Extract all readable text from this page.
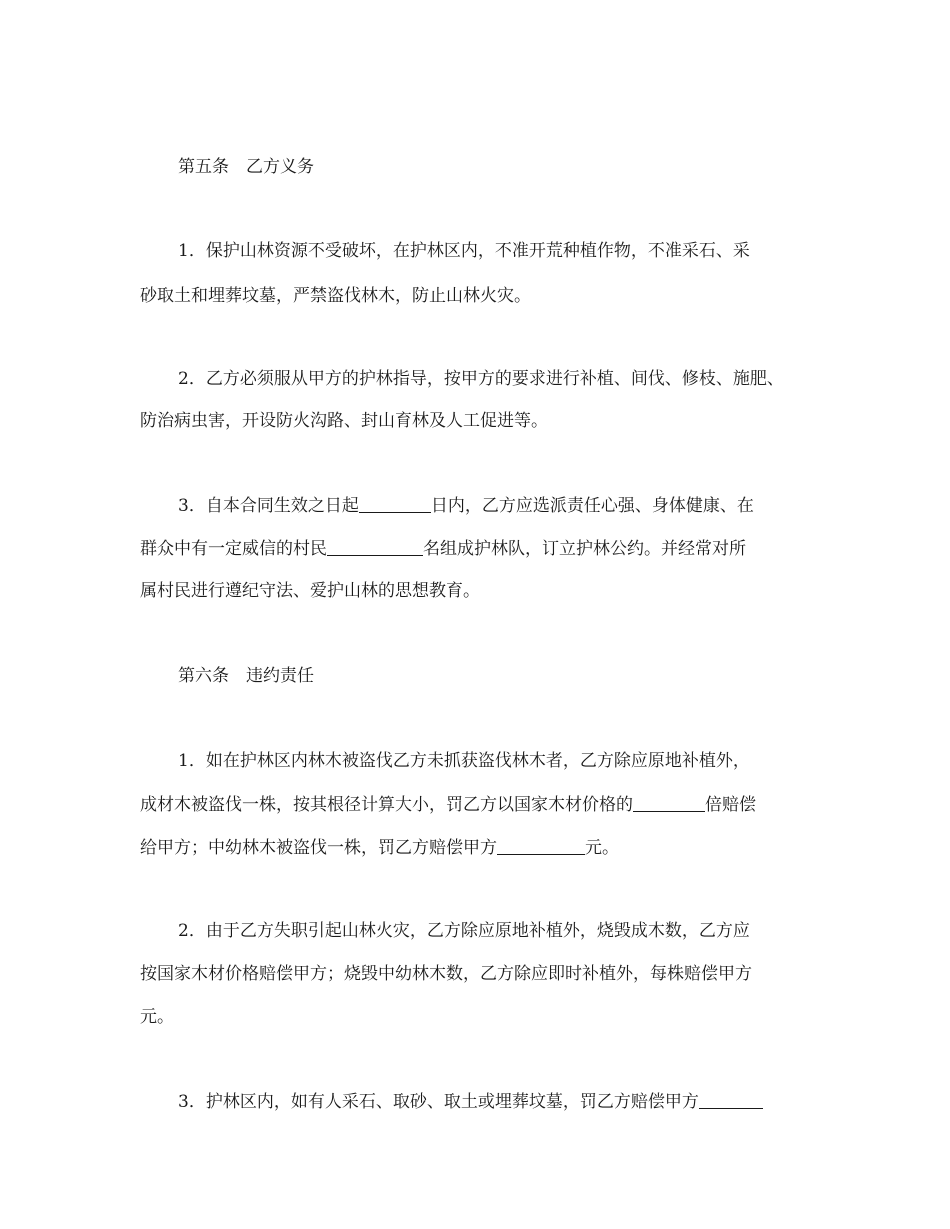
第五条　乙方义务
1．保护山林资源不受破坏，在护林区内，不准开荒种植作物，不准采石、采
砂取土和埋葬坟墓，严禁盗伐林木，防止山林火灾。
2．乙方必须服从甲方的护林指导，按甲方的要求进行补植、间伐、修枝、施肥、
防治病虫害，开设防火沟路、封山育林及人工促进等。
3．自本合同生效之日起	日内，乙方应选派责任心强、身体健康、在
群众中有一定威信的村民	名组成护林队，订立护林公约。并经常对所
属村民进行遵纪守法、爱护山林的思想教育。
第六条　违约责任
1．如在护林区内林木被盗伐乙方未抓获盗伐林木者，乙方除应原地补植外，
成材木被盗伐一株，按其根径计算大小，罚乙方以国家木材价格的	倍赔偿
给甲方；中幼林木被盗伐一株，罚乙方赔偿甲方	元。
2．由于乙方失职引起山林火灾，乙方除应原地补植外，烧毁成木数，乙方应
按国家木材价格赔偿甲方；烧毁中幼林木数，乙方除应即时补植外，每株赔偿甲方
元。
3．护林区内，如有人采石、取砂、取土或埋葬坟墓，罚乙方赔偿甲方
